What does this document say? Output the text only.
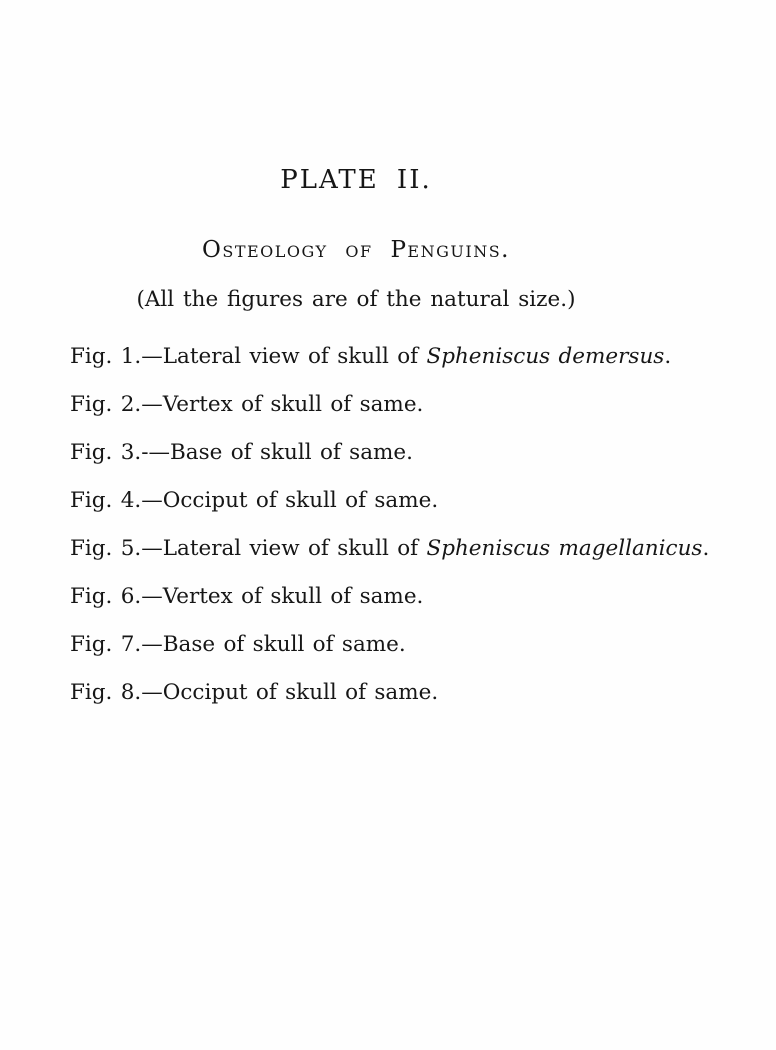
PLATE II.
Osteology of Penguins.

(All the figures are of the natural size.)

Fig. 1.—Lateral view of skull of Spheniscus demersus.

Fig. 2.—Vertex of skull of same.

Fig. 3.-—Base of skull of same.

Fig. 4.—Occiput of skull of same.

Fig. 5.—Lateral view of skull of Spheniscus magellanicus.

Fig. 6.—Vertex of skull of same.

Fig. 7.—Base of skull of same.

Fig. 8.—Occiput of skull of same.
